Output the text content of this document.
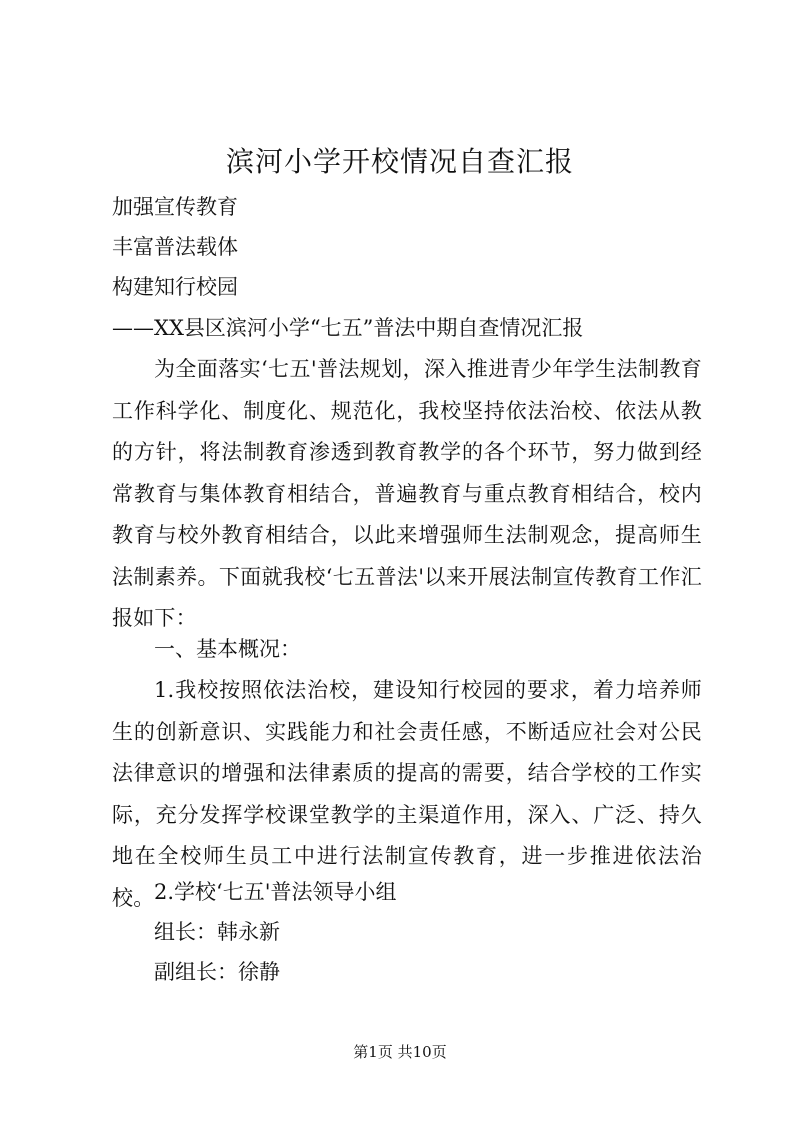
滨河小学开校情况自查汇报
加强宣传教育
丰富普法载体
构建知行校园
——XX县区滨河小学“七五”普法中期自查情况汇报
为全面落实‘七五'普法规划，深入推进青少年学生法制教育工作科学化、制度化、规范化，我校坚持依法治校、依法从教的方针，将法制教育渗透到教育教学的各个环节，努力做到经常教育与集体教育相结合，普遍教育与重点教育相结合，校内教育与校外教育相结合，以此来增强师生法制观念，提高师生法制素养。下面就我校‘七五普法'以来开展法制宣传教育工作汇报如下：
一、基本概况：
1.我校按照依法治校，建设知行校园的要求，着力培养师生的创新意识、实践能力和社会责任感，不断适应社会对公民法律意识的增强和法律素质的提高的需要，结合学校的工作实际，充分发挥学校课堂教学的主渠道作用，深入、广泛、持久地在全校师生员工中进行法制宣传教育，进一步推进依法治校。 2.学校‘七五'普法领导小组
组长：韩永新
副组长：徐静
第1页 共10页
